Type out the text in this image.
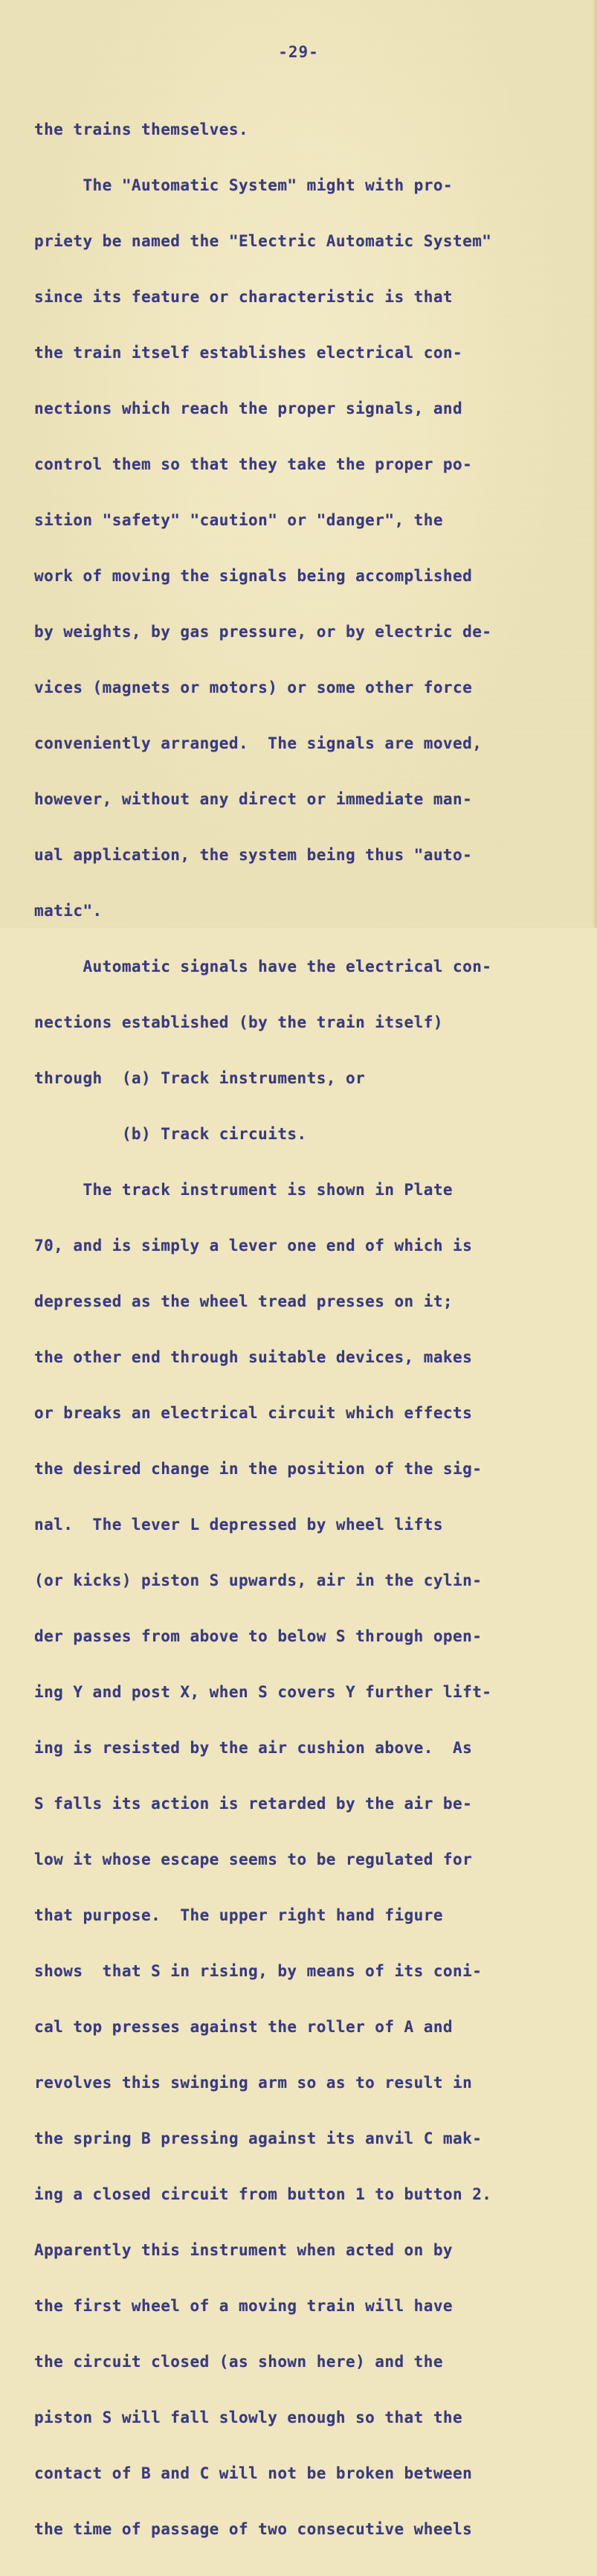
-29-

the trains themselves.

The "Automatic System" might with pro-

priety be named the "Electric Automatic System"

since its feature or characteristic is that

the train itself establishes electrical con-

nections which reach the proper signals, and

control them so that they take the proper po-

sition "safety" "caution" or "danger", the

work of moving the signals being accomplished

by weights, by gas pressure, or by electric de-

vices (magnets or motors) or some other force

conveniently arranged.  The signals are moved,

however, without any direct or immediate man-

ual application, the system being thus "auto-

matic".

Automatic signals have the electrical con-

nections established (by the train itself)

through  (a) Track instruments, or

(b) Track circuits.

The track instrument is shown in Plate

70, and is simply a lever one end of which is

depressed as the wheel tread presses on it;

the other end through suitable devices, makes

or breaks an electrical circuit which effects

the desired change in the position of the sig-

nal.  The lever L depressed by wheel lifts

(or kicks) piston S upwards, air in the cylin-

der passes from above to below S through open-

ing Y and post X, when S covers Y further lift-

ing is resisted by the air cushion above.  As

S falls its action is retarded by the air be-

low it whose escape seems to be regulated for

that purpose.  The upper right hand figure

shows  that S in rising, by means of its coni-

cal top presses against the roller of A and

revolves this swinging arm so as to result in

the spring B pressing against its anvil C mak-

ing a closed circuit from button 1 to button 2.

Apparently this instrument when acted on by

the first wheel of a moving train will have

the circuit closed (as shown here) and the

piston S will fall slowly enough so that the

contact of B and C will not be broken between

the time of passage of two consecutive wheels
